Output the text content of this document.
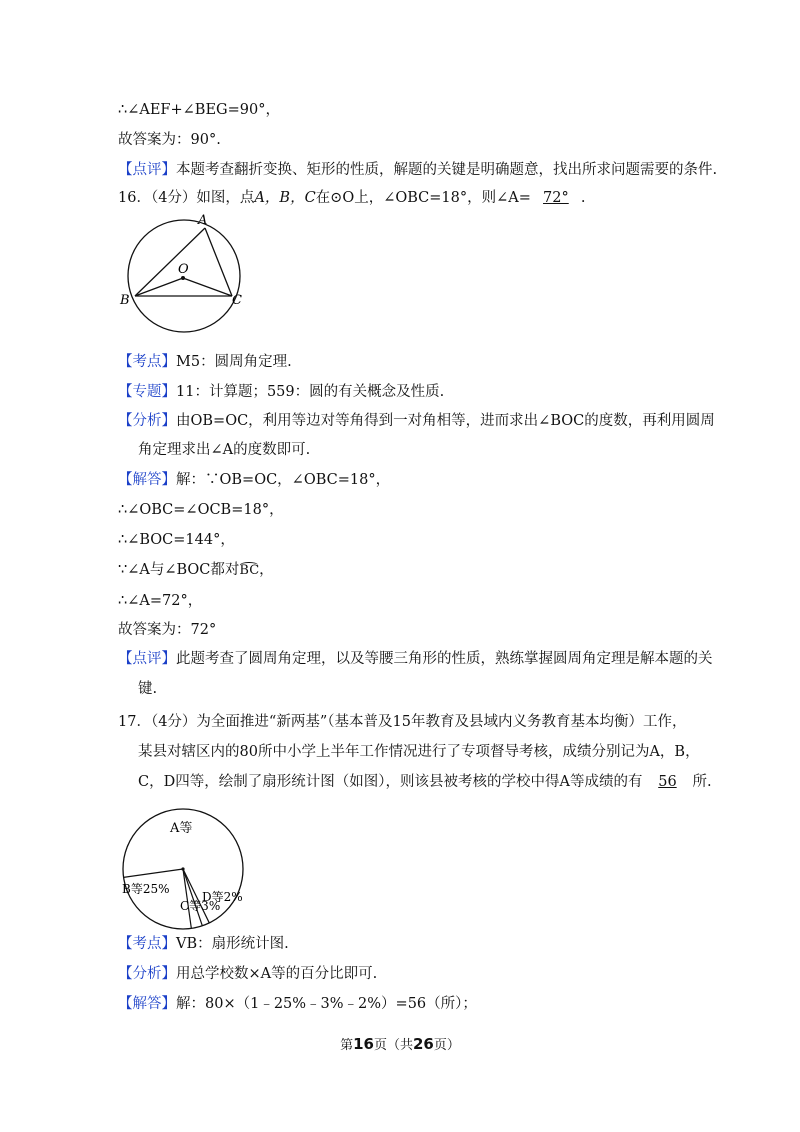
∴∠AEF+∠BEG=90°，
故答案为：90°.
【点评】本题考查翻折变换、矩形的性质，解题的关键是明确题意，找出所求问题需要的条件.
16．（4分）如图，点A，B，C在⊙O上，∠OBC=18°，则∠A= 72° .
A
O
B	C
【考点】M5：圆周角定理.
【专题】11：计算题；559：圆的有关概念及性质.
【分析】由OB=OC，利用等边对等角得到一对角相等，进而求出∠BOC的度数，再利用圆周
角定理求出∠A的度数即可.
【解答】解：∵OB=OC，∠OBC=18°，
∴∠OBC=∠OCB=18°，
∴∠BOC=144°，
∵∠A与∠BOC都对BC，
∴∠A=72°，
故答案为：72°
【点评】此题考查了圆周角定理，以及等腰三角形的性质，熟练掌握圆周角定理是解本题的关
键.
17．（4分）为全面推进“新两基”（基本普及15年教育及县域内义务教育基本均衡）工作，
某县对辖区内的80所中小学上半年工作情况进行了专项督导考核，成绩分别记为A，B，
C，D四等，绘制了扇形统计图（如图），则该县被考核的学校中得A等成绩的有 56 所.
A等
B等25%
C等3%
D等2%
【考点】VB：扇形统计图.
【分析】用总学校数×A等的百分比即可.
【解答】解：80×（1﹣25%﹣3%﹣2%）=56（所）；
第16页（共26页）
